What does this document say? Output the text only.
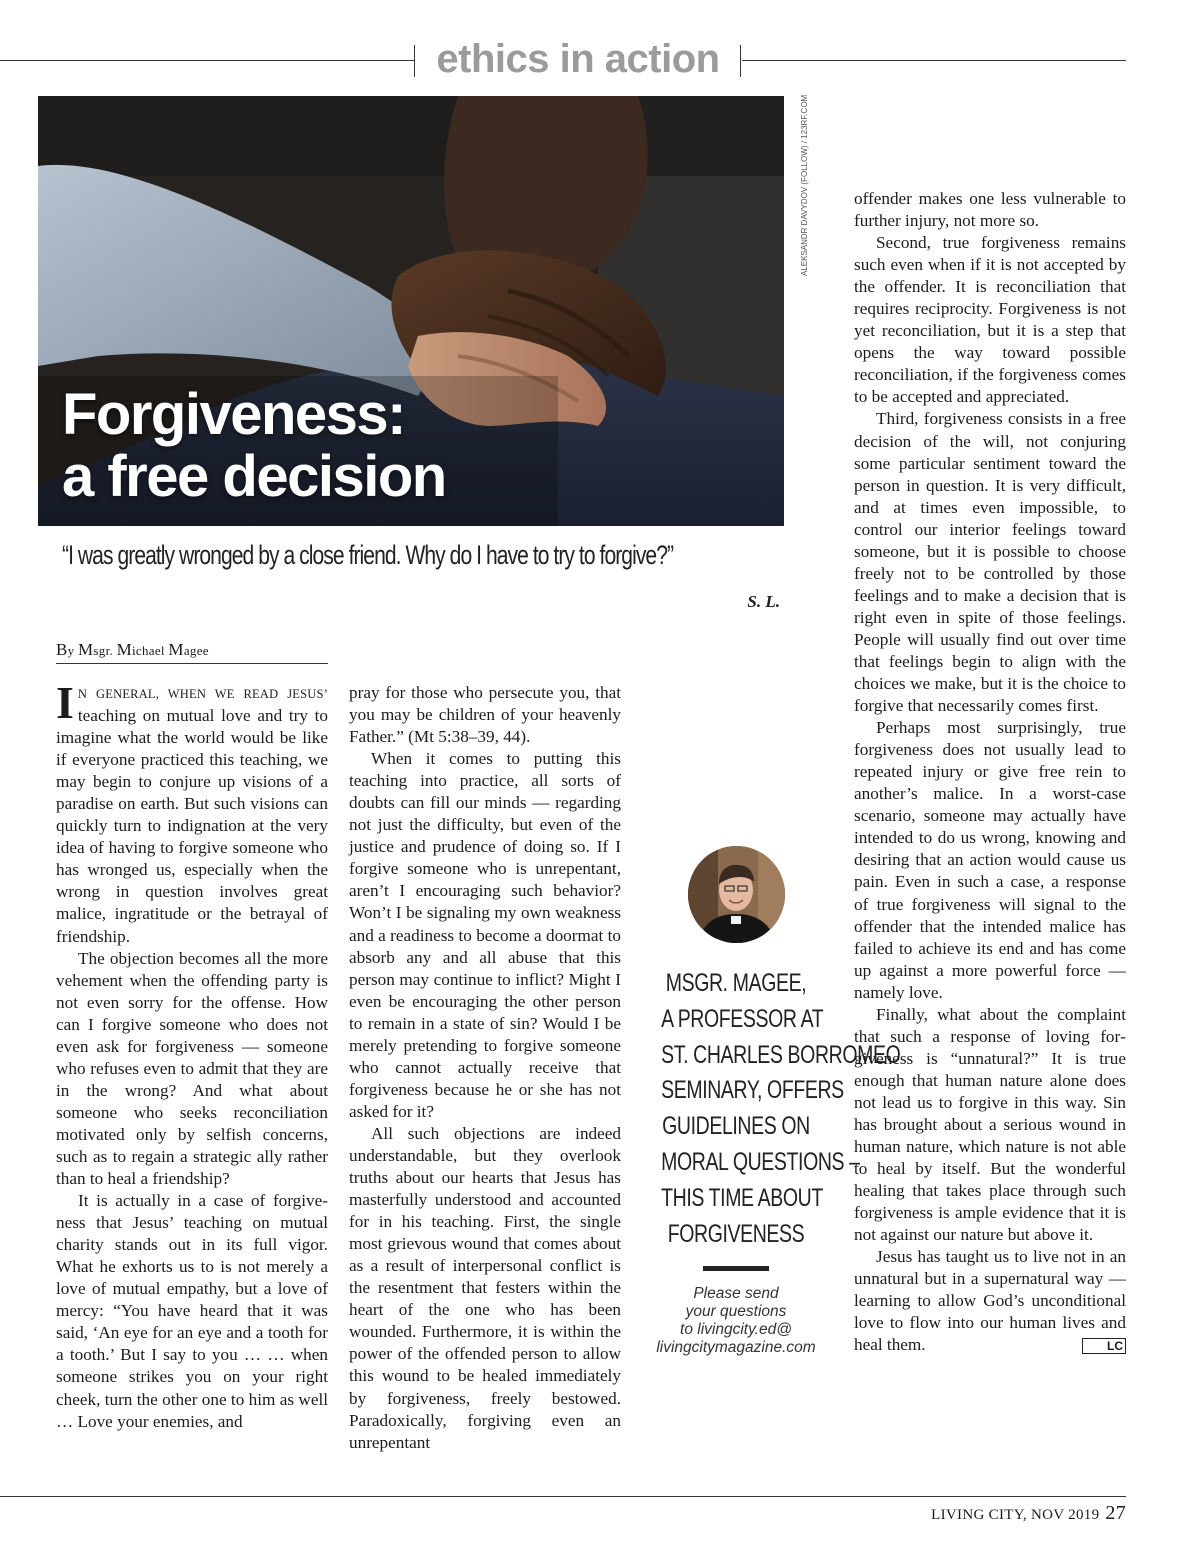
ethics in action
Forgiveness:
a free decision
ALEKSANDR DAVYDOV (FOLLOW) / 123RF.COM
“I was greatly wronged by a close friend. Why do I have to try to forgive?”
S. L.
By Msgr. Michael Magee

I N GENERAL, WHEN WE READ JESUS’ teaching on mutual love and try to imagine what the world would be like if everyone practiced this teaching, we may begin to conjure up visions of a paradise on earth. But such visions can quickly turn to indignation at the very idea of having to forgive someone who has wronged us, especially when the wrong in question involves great malice, ingratitude or the betrayal of friendship.

The objection becomes all the more vehement when the offending party is not even sorry for the offense. How can I forgive someone who does not even ask for forgiveness — someone who refuses even to admit that they are in the wrong? And what about someone who seeks reconciliation motivated only by selfish concerns, such as to regain a strategic ally rather than to heal a friendship?

It is actually in a case of forgiveness that Jesus’ teaching on mutual charity stands out in its full vigor. What he exhorts us to is not merely a love of mutual empathy, but a love of mercy: “You have heard that it was said, ‘An eye for an eye and a tooth for a tooth.’ But I say to you … … when someone strikes you on your right cheek, turn the other one to him as well … Love your enemies, and

pray for those who persecute you, that you may be children of your heavenly Father.” (Mt 5:38–39, 44).

When it comes to putting this teaching into practice, all sorts of doubts can fill our minds — regarding not just the difficulty, but even of the justice and prudence of doing so. If I forgive someone who is unrepentant, aren’t I encouraging such behavior? Won’t I be signaling my own weakness and a readiness to become a doormat to absorb any and all abuse that this person may continue to inflict? Might I even be encouraging the other person to remain in a state of sin? Would I be merely pretending to forgive someone who cannot actually receive that forgiveness because he or she has not asked for it?

All such objections are indeed understandable, but they overlook truths about our hearts that Jesus has masterfully understood and accounted for in his teaching. First, the single most grievous wound that comes about as a result of interpersonal conflict is the resentment that festers within the heart of the one who has been wounded. Furthermore, it is within the power of the offended person to allow this wound to be healed immediately by forgiveness, freely bestowed. Paradoxically, forgiving even an unrepentant

MSGR. MAGEE,
A PROFESSOR AT
ST. CHARLES BORROMEO
SEMINARY, OFFERS
GUIDELINES ON
MORAL QUESTIONS –
THIS TIME ABOUT
FORGIVENESS
Please send
your questions
to livingcity.ed@
livingcitymagazine.com

offender makes one less vulnerable to further injury, not more so.

Second, true forgiveness remains such even when if it is not accepted by the offender. It is reconciliation that requires reciprocity. Forgiveness is not yet reconciliation, but it is a step that opens the way toward possible reconciliation, if the forgiveness comes to be accepted and appreciated.

Third, forgiveness consists in a free decision of the will, not conjuring some particular sentiment toward the person in question. It is very difficult, and at times even impossible, to control our interior feelings toward someone, but it is possible to choose freely not to be controlled by those feelings and to make a decision that is right even in spite of those feelings. People will usually find out over time that feelings begin to align with the choices we make, but it is the choice to forgive that necessarily comes first.

Perhaps most surprisingly, true forgiveness does not usually lead to repeated injury or give free rein to another’s malice. In a worst-case scenario, someone may actually have intended to do us wrong, knowing and desiring that an action would cause us pain. Even in such a case, a response of true forgiveness will signal to the offender that the intended malice has failed to achieve its end and has come up against a more powerful force — namely love.

Finally, what about the complaint that such a response of loving forgiveness is “unnatural?” It is true enough that human nature alone does not lead us to forgive in this way. Sin has brought about a serious wound in human nature, which nature is not able to heal by itself. But the wonderful healing that takes place through such forgiveness is ample evidence that it is not against our nature but above it.

Jesus has taught us to live not in an unnatural but in a supernatural way — learning to allow God’s unconditional love to flow into our human lives and heal them.	LC

LIVING CITY, NOV 2019 27
